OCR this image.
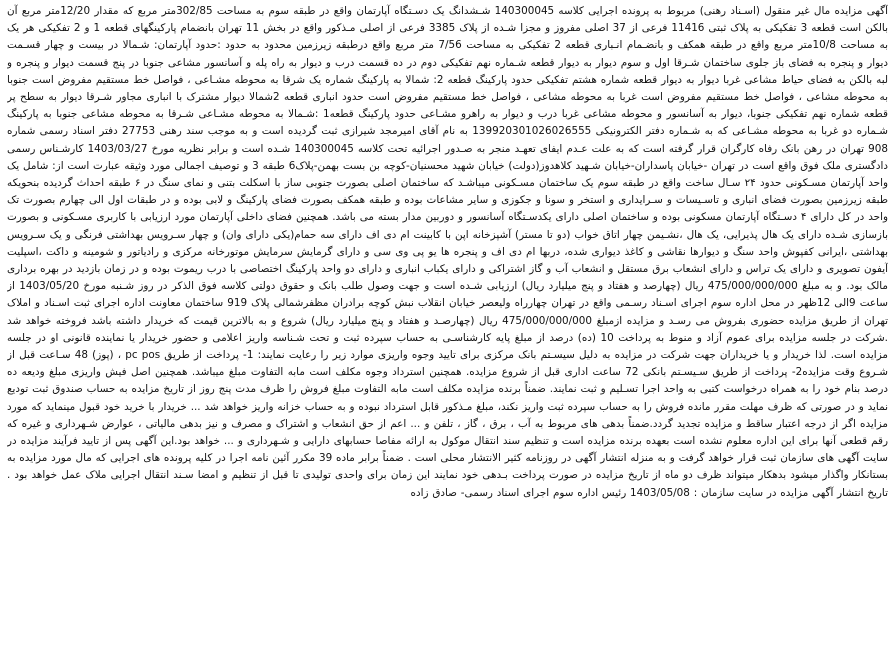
آگهی مزایده مال غیر منقول (اسـناد رهنی) مربوط به پرونده اجرایی کلاسه 140300045 شـشدانگ یک دسـتگاه آپارتمان واقع در طبقه سوم به مساحت 302/85متر مربع که مقدار 12/20متر مربع آن بالکن است قطعه 3 تفکیکی به پلاک ثبتی 11416 فرعی از 37 اصلی مفروز و مجزا شـده از پلاک 3385 فرعی از اصلی مـذکور واقع در بخش 11 تهران بانضمام پارکینگهای قطعه 1 و 2 تفکیکی هر یک به مساحت 10/8متر مربع واقع در طبقه همکف و بانضـمام انـباری قطعه 2 تفکیکی به مساحت 7/56 متر مربع واقع درطبقه زیرزمین محدود به حدود :حدود آپارتمان: شـمالا در بیست و چهار قسـمت دیوار و پنجره به فضای باز جلوی ساختمان شـرقا اول و سوم دیوار به دیوار قطعه شـماره نهم تفکیکی دوم در ده قسمت درب و دیوار به راه پله و آسانسور مشاعی جنوبا در پنج قسمت دیوار و پنجره و لبه بالکن به فضای حیاط مشاعی غربا دیوار به دیوار قطعه شماره هشتم تفکیکی حدود پارکینگ قطعه 2: شمالا به پارکینگ شماره یک شرقا به محوطه مشـاعی ، فواصل خط مستقیم مفروض است جنوبا به محوطه مشاعی ، فواصل خط مستقیم مفروض است غربا به محوطه مشاعی ، فواصل خط مستقیم مفروض است حدود انباری قطعه 2شمالا دیوار مشترک با انباری مجاور شـرقا دیوار به سطح پر قطعه شماره نهم تفکیکی جنوبا، دیوار به آسانسور و محوطه مشاعی غربا درب و دیوار به راهرو مشـاعی حدود پارکینگ قطعه1 :شـمالا به محوطه مشـاعی شـرقا به محوطه مشاعی جنوبا به پارکینگ شـماره دو غربا به محوطه مشـاعی که به شـماره دفتر الکترونیکی 139920301026026555 به نام آقای امیرمجد شیرازی ثبت گردیده است و به موجب سند رهنی 27753 دفتر اسناد رسمی شماره 908 تهران در رهن بانک رفاه کارگران قرار گرفته است که به علت عـدم ایفای تعهـد منجر به صـدور اجرائیه تحت کلاسه 140300045 شـده است و برابر نظریه مورخ 1403/03/27 کارشـناس رسمی دادگستری ملک فوق واقع است در تهران -خیابان پاسداران-خیابان شـهید کلاهدوز(دولت) خیابان شهید محسنیان-کوچه بن بست بهمن-پلاک6 طبقه 3 و توصیف اجمالی مورد وثیقه عبارت است از: شامل یک واحد آپارتمان مسـکونی حدود ۲۴ سـال ساخت واقع در طبقه سوم یک ساختمان مسـکونی میباشـد که ساختمان اصلی بصورت جنوبی ساز با اسکلت بتنی و نمای سنگ در ۶ طبقه احداث گردیده بنحویکه طبقه زیرزمین بصورت فضای انباری و تاسـیسات و سـرایداری و استخر و سونا و جکوزی و سایر مشاعات بوده و طبقه همکف بصورت فضای پارکینگ و لابی بوده و در طبقات اول الی چهارم بصورت تک واحد در کل دارای ۴ دسـتگاه آپارتمان مسکونی بوده و ساختمان اصلی دارای یکدسـتگاه آسانسور و دوربین مدار بسته می باشد. همچنین فضای داخلی آپارتمان مورد ارزیابی با کاربری مسـکونی و بصورت بازسازی شـده دارای یک هال پذیرایی، یک هال ،نشـیمن چهار اتاق خواب (دو تا مستر) آشپزخانه اپن با کابینت ام دی اف دارای سه حمام(یکی دارای وان) و چهار سـرویس بهداشتی فرنگی و یک سـرویس بهداشتی ،ایرانی کفپوش واحد سنگ و دیوارها نقاشی و کاغذ دیواری شده، دربها ام دی اف و پنجره ها یو پی وی سی و دارای گرمایش سرمایش موتورخانه مرکزی و رادیاتور و شومینه و داکت ،اسپلیت آیفون تصویری و دارای یک تراس و دارای انشعاب برق مستقل و انشعاب آب و گاز اشتراکی و دارای یکباب انباری و دارای دو واحد پارکینگ اختصاصی با درب ریموت بوده و در زمان بازدید در بهره برداری مالک بود. و به مبلغ 475/000/000/000 ریال (چهارصد و هفتاد و پنج میلیارد ریال) ارزیابی شـده است و جهت وصول طلب بانک و حقوق دولتی کلاسه فوق الذکر در روز شـنبه مورخ 1403/05/20 از ساعت 9الی 12ظهر در محل اداره سوم اجرای اسـناد رسـمی واقع در تهران چهارراه ولیعصر خیابان انقلاب نبش کوچه برادران مظفرشمالی پلاک 919 ساختمان معاونت اداره اجرای ثبت اسـناد و املاک تهران از طریق مزایده حضوری بفروش می رسـد و مزایده ازمبلغ 475/000/000/000 ریال (چهارصـد و هفتاد و پنج میلیارد ریال) شروع و به بالاترین قیمت که خریدار داشته باشد فروخته خواهد شد .شرکت در جلسه مزایده برای عموم آزاد و منوط به پرداخت 10 (ده) درصد از مبلغ پایه کارشناسـی به حساب سپرده ثبت و تحت شـناسه واریز اعلامی و حضور خریدار یا نماینده قانونی او در جلسه مزایده است. لذا خریدار و یا خریداران جهت شرکت در مزایده به دلیل سیسـتم بانک مرکزی برای تایید وجوه واریزی موارد زیر را رعایت نمایند: 1- پرداخت از طریق pc pos ، (پوز) 48 سـاعت قبل از شـروع وقت مزایده2- پرداخت از طریق سـیسـتم بانکی 72 ساعت اداری قبل از شروع مزایده. همچنین استرداد وجوه مکلف است مابه التفاوت مبلغ میباشد. همچنین اصل فیش واریزی مبلغ ودیعه ده درصد بنام خود را به همراه درخواست کتبی به واحد اجرا تسـلیم و ثبت نمایند. ضمناً برنده مزایده مکلف است مابه التفاوت مبلغ فروش را ظرف مدت پنج روز از تاریخ مزایده به حساب صندوق ثبت تودیع نماید و در صورتی که ظرف مهلت مقرر مانده فروش را به حساب سپرده ثبت واریز نکند، مبلغ مـذکور قابل استرداد نبوده و به حساب خزانه واریز خواهد شد ... خریدار با خرید خود قبول مینماید که مورد مزایده اگر از درجه اعتبار ساقط و مزایده تجدید گردد.ضمناً بدهی های مربوط به آب ، برق ، گاز ، تلفن و ... اعم از حق انشعاب و اشتراک و مصرف و نیز بدهی مالیاتی ، عوارض شـهرداری و غیره که رقم قطعی آنها برای این اداره معلوم نشده است بعهده برنده مزایده است و تنظیم سند انتقال موکول به ارائه مفاصا حسابهای دارایی و شـهرداری و ... خواهد بود.این آگهی پس از تایید فرآیند مزایده در سایت آگهی های سازمان ثبت قرار خواهد گرفت و به منزله انتشار آگهی در روزنامه کثیر الانتشار محلی است . ضمناً برابر ماده 39 مکرر آئین نامه اجرا در کلیه پرونده های اجرایی که مال مورد مزایده به بستانکار واگذار میشود بدهکار میتواند ظرف دو ماه از تاریخ مزایده در صورت پرداخت بـدهی خود نمایند این زمان برای واحدی تولیدی تا قبل از تنظیم و امضا سـند انتقال اجرایی ملاک عمل خواهد بود . تاریخ انتشار آگهی مزایده در سایت سازمان : 1403/05/08 رئیس اداره سوم اجرای اسناد رسمی- صادق زاده
